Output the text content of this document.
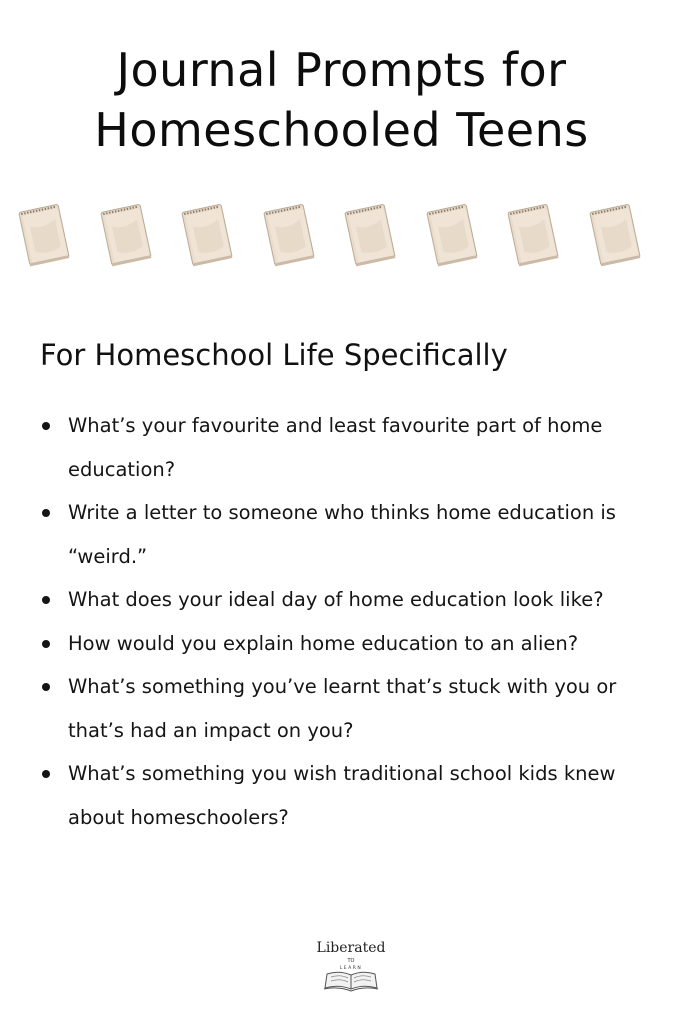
Journal Prompts for
Homeschooled Teens
For Homeschool Life Specifically
What’s your favourite and least favourite part of home education?
Write a letter to someone who thinks home education is “weird.”
What does your ideal day of home education look like?
How would you explain home education to an alien?
What’s something you’ve learnt that’s stuck with you or that’s had an impact on you?
What’s something you wish traditional school kids knew about homeschoolers?
Liberated
TO
LEARN
